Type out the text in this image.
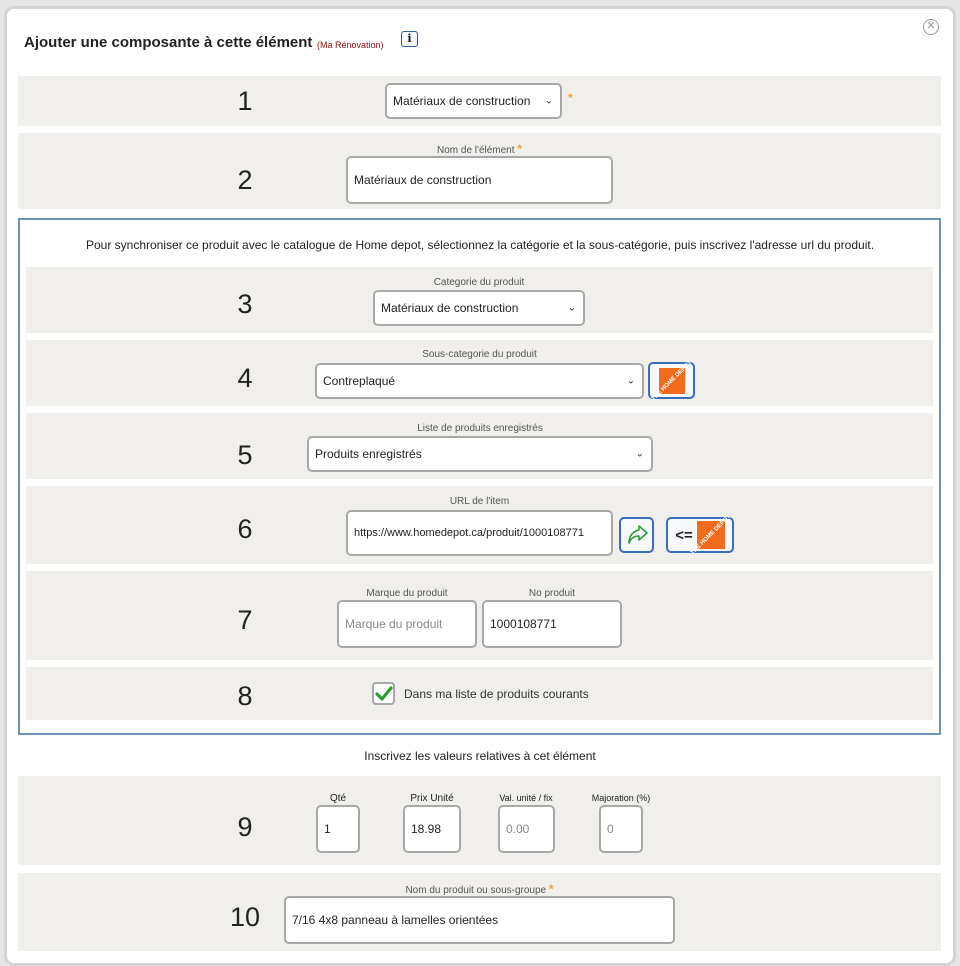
✕
Ajouter une composante à cette élément (Ma Rénovation)	i
1	Matériaux de construction ⌄ *
Nom de l'élément *
2	Matériaux de construction
Pour synchroniser ce produit avec le catalogue de Home depot, sélectionnez la catégorie et la sous-catégorie, puis inscrivez l'adresse url du produit.
Categorie du produit
3	Matériaux de construction	⌄
Sous-categorie du produit
4	Contreplaqué	⌄	THE HOME DEPOT
Liste de produits enregistrés
5	Produits enregistrés	⌄
URL de l'item
6	https://www.homedepot.ca/produit/1000108771	<=
THE HOME DEPOT
Marque du produit	No produit
7	Marque du produit	1000108771
8	Dans ma liste de produits courants
Inscrivez les valeurs relatives à cet élément
Qté	Prix Unité	Val. unité / fix	Majoration (%)
9	1	18.98	0.00	0
Nom du produit ou sous-groupe *
10	7/16 4x8 panneau à lamelles orientées
